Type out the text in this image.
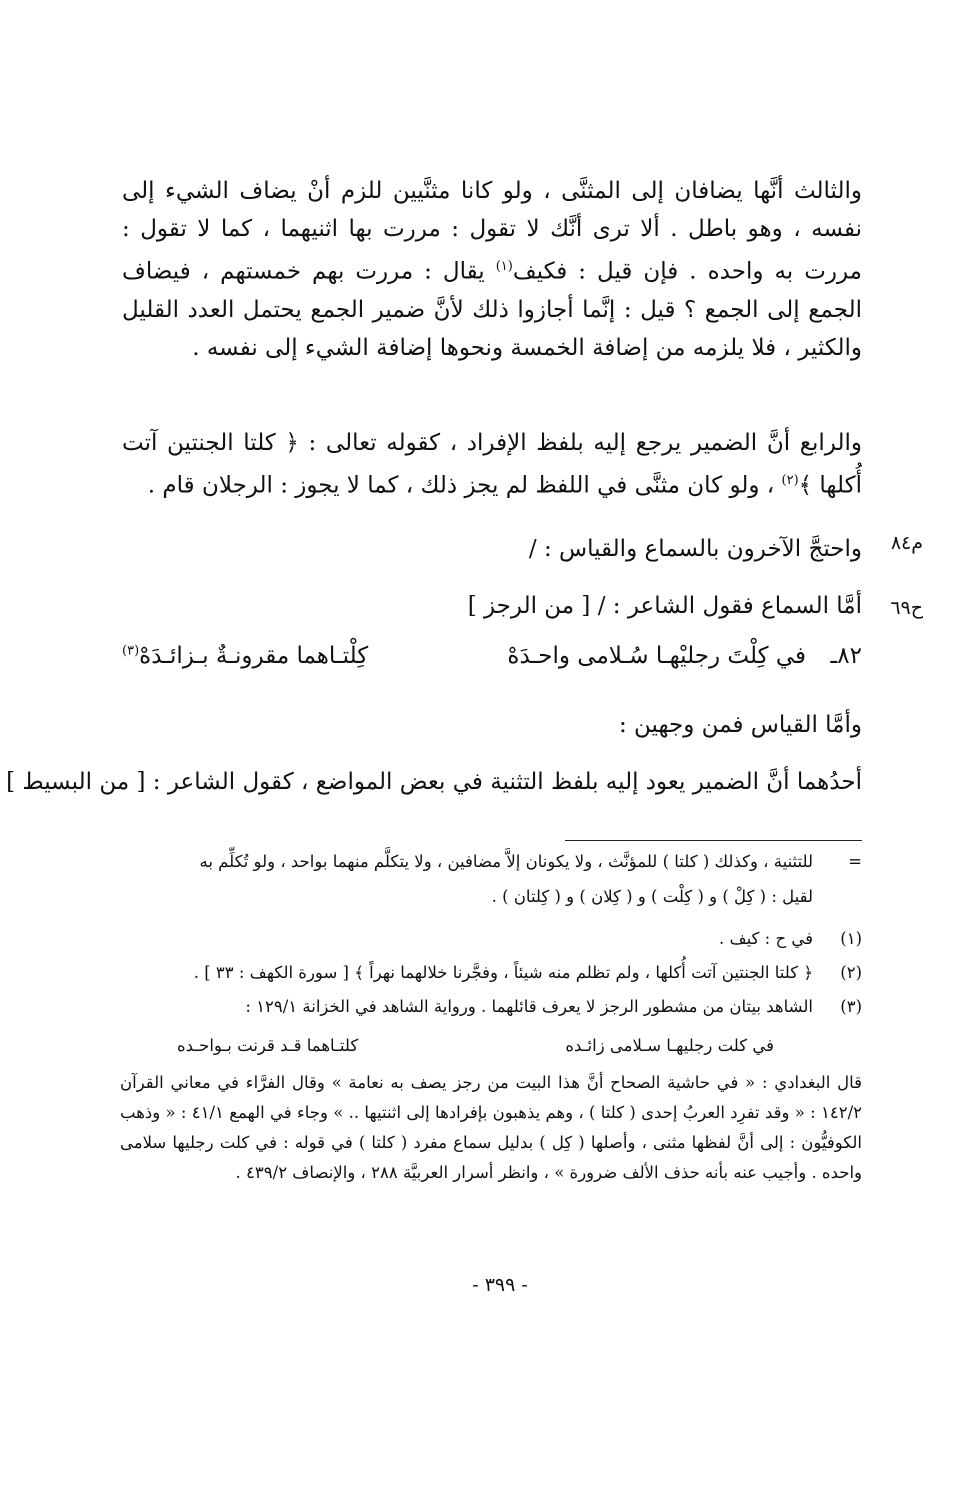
والثالث أنَّها يضافان إلى المثنَّى ، ولو كانا مثنَّيين للزم أنْ يضاف الشيء إلى نفسه ، وهو باطل . ألا ترى أنَّك لا تقول : مررت بها اثنيهما ، كما لا تقول : مررت به واحده . فإن قيل : فكيف$^{(١)}$ يقال : مررت بهم خمستهم ، فيضاف الجمع إلى الجمع ؟ قيل : إنَّما أجازوا ذلك لأنَّ ضمير الجمع يحتمل العدد القليل والكثير ، فلا يلزمه من إضافة الخمسة ونحوها إضافة الشيء إلى نفسه .

والرابع أنَّ الضمير يرجع إليه بلفظ الإفراد ، كقوله تعالى : ﴿ كلتا الجنتين آتت أُكلها ﴾$^{(٢)}$ ، ولو كان مثنَّى في اللفظ لم يجز ذلك ، كما لا يجوز : الرجلان قام .

واحتجَّ الآخرون بالسماع والقياس : / م٨٤
أمَّا السماع فقول الشاعر : / [ من الرجز ] ح٦٩
٨٢ـ
في كِلْتَ رجليْهـا سُـلامى واحـدَهْ
كِلْتـاهما مقرونـةٌ بـزائـدَهْ$^{(٣)}$
وأمَّا القياس فمن وجهين :
أحدُهما أنَّ الضمير يعود إليه بلفظ التثنية في بعض المواضع ، كقول الشاعر : [ من البسيط ]
=
للتثنية ، وكذلك ( كلتا ) للمؤنَّث ، ولا يكونان إلاَّ مضافين ، ولا يتكلَّم منهما بواحد ، ولو تُكلِّم به
لقيل : ( كِلْ ) و ( كِلْت ) و ( كِلان ) و ( كِلتان ) .
(١)
في ح : كيف .
(٢)
﴿ كلتا الجنتين آتت أُكلها ، ولم تظلم منه شيئاً ، وفجَّرنا خلالهما نهراً ﴾ [ سورة الكهف : ٣٣ ] .
(٣)
الشاهد بيتان من مشطور الرجز لا يعرف قائلهما . ورواية الشاهد في الخزانة ١٢٩/١ :
في كلت رجليهـا سـلامى زائـده
كلتـاهما قـد قرنت بـواحـده

قال البغدادي : « في حاشية الصحاح أنَّ هذا البيت من رجز يصف به نعامة » وقال الفرَّاء في معاني القرآن ١٤٢/٢ : « وقد تفرِد العربُ إحدى ( كلتا ) ، وهم يذهبون بإفرادها إلى اثنتيها .. » وجاء في الهمع ٤١/١ : « وذهب الكوفيُّون : إلى أنَّ لفظها مثنى ، وأصلها ( كِل ) بدليل سماع مفرد ( كلتا ) في قوله : في كلت رجليها سلامى واحده . وأجيب عنه بأنه حذف الألف ضرورة » ، وانظر أسرار العربيَّة ٢٨٨ ، والإنصاف ٤٣٩/٢ .

- ٣٩٩ -
